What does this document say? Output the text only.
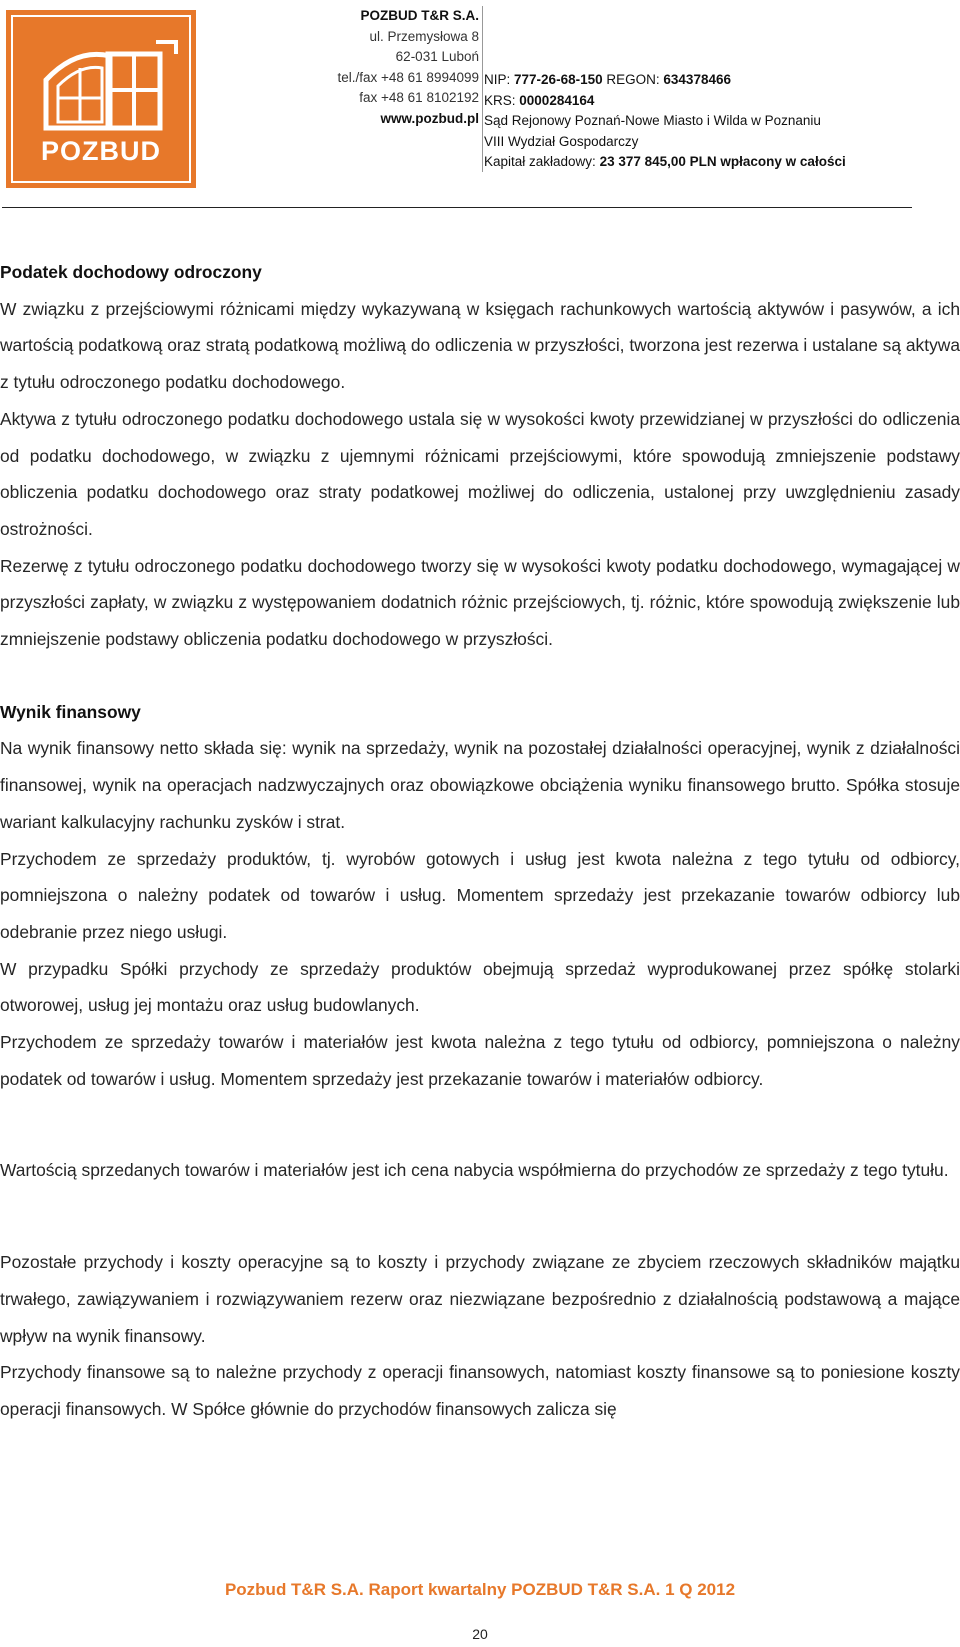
POZBUD
POZBUD T&R S.A.
ul. Przemysłowa 8
62-031 Luboń
tel./fax +48 61 8994099
fax +48 61 8102192
www.pozbud.pl
NIP: 777-26-68-150 REGON: 634378466
KRS: 0000284164
Sąd Rejonowy Poznań-Nowe Miasto i Wilda w Poznaniu
VIII Wydział Gospodarczy
Kapitał zakładowy: 23 377 845,00 PLN wpłacony w całości

Podatek dochodowy odroczony

W związku z przejściowymi różnicami między wykazywaną w księgach rachunkowych wartością aktywów i pasywów, a ich wartością podatkową oraz stratą podatkową możliwą do odliczenia w przyszłości, tworzona jest rezerwa i ustalane są aktywa z tytułu odroczonego podatku dochodowego.

Aktywa z tytułu odroczonego podatku dochodowego ustala się w wysokości kwoty przewidzianej w przyszłości do odliczenia od podatku dochodowego, w związku z ujemnymi różnicami przejściowymi, które spowodują zmniejszenie podstawy obliczenia podatku dochodowego oraz straty podatkowej możliwej do odliczenia, ustalonej przy uwzględnieniu zasady ostrożności.

Rezerwę z tytułu odroczonego podatku dochodowego tworzy się w wysokości kwoty podatku dochodowego, wymagającej w przyszłości zapłaty, w związku z występowaniem dodatnich różnic przejściowych, tj. różnic, które spowodują zwiększenie lub zmniejszenie podstawy obliczenia podatku dochodowego w przyszłości.

Wynik finansowy

Na wynik finansowy netto składa się: wynik na sprzedaży, wynik na pozostałej działalności operacyjnej, wynik z działalności finansowej, wynik na operacjach nadzwyczajnych oraz obowiązkowe obciążenia wyniku finansowego brutto. Spółka stosuje wariant kalkulacyjny rachunku zysków i strat.

Przychodem ze sprzedaży produktów, tj. wyrobów gotowych i usług jest kwota należna z tego tytułu od odbiorcy, pomniejszona o należny podatek od towarów i usług. Momentem sprzedaży jest przekazanie towarów odbiorcy lub odebranie przez niego usługi.

W przypadku Spółki przychody ze sprzedaży produktów obejmują sprzedaż wyprodukowanej przez spółkę stolarki otworowej, usług jej montażu oraz usług budowlanych.

Przychodem ze sprzedaży towarów i materiałów jest kwota należna z tego tytułu od odbiorcy, pomniejszona o należny podatek od towarów i usług. Momentem sprzedaży jest przekazanie towarów i materiałów odbiorcy.

Wartością sprzedanych towarów i materiałów jest ich cena nabycia współmierna do przychodów ze sprzedaży z tego tytułu.

Pozostałe przychody i koszty operacyjne są to koszty i przychody związane ze zbyciem rzeczowych składników majątku trwałego, zawiązywaniem i rozwiązywaniem rezerw oraz niezwiązane bezpośrednio z działalnością podstawową a mające wpływ na wynik finansowy.

Przychody finansowe są to należne przychody z operacji finansowych, natomiast koszty finansowe są to poniesione koszty operacji finansowych. W Spółce głównie do przychodów finansowych zalicza się

Pozbud T&R S.A. Raport kwartalny POZBUD T&R S.A. 1 Q 2012
20
